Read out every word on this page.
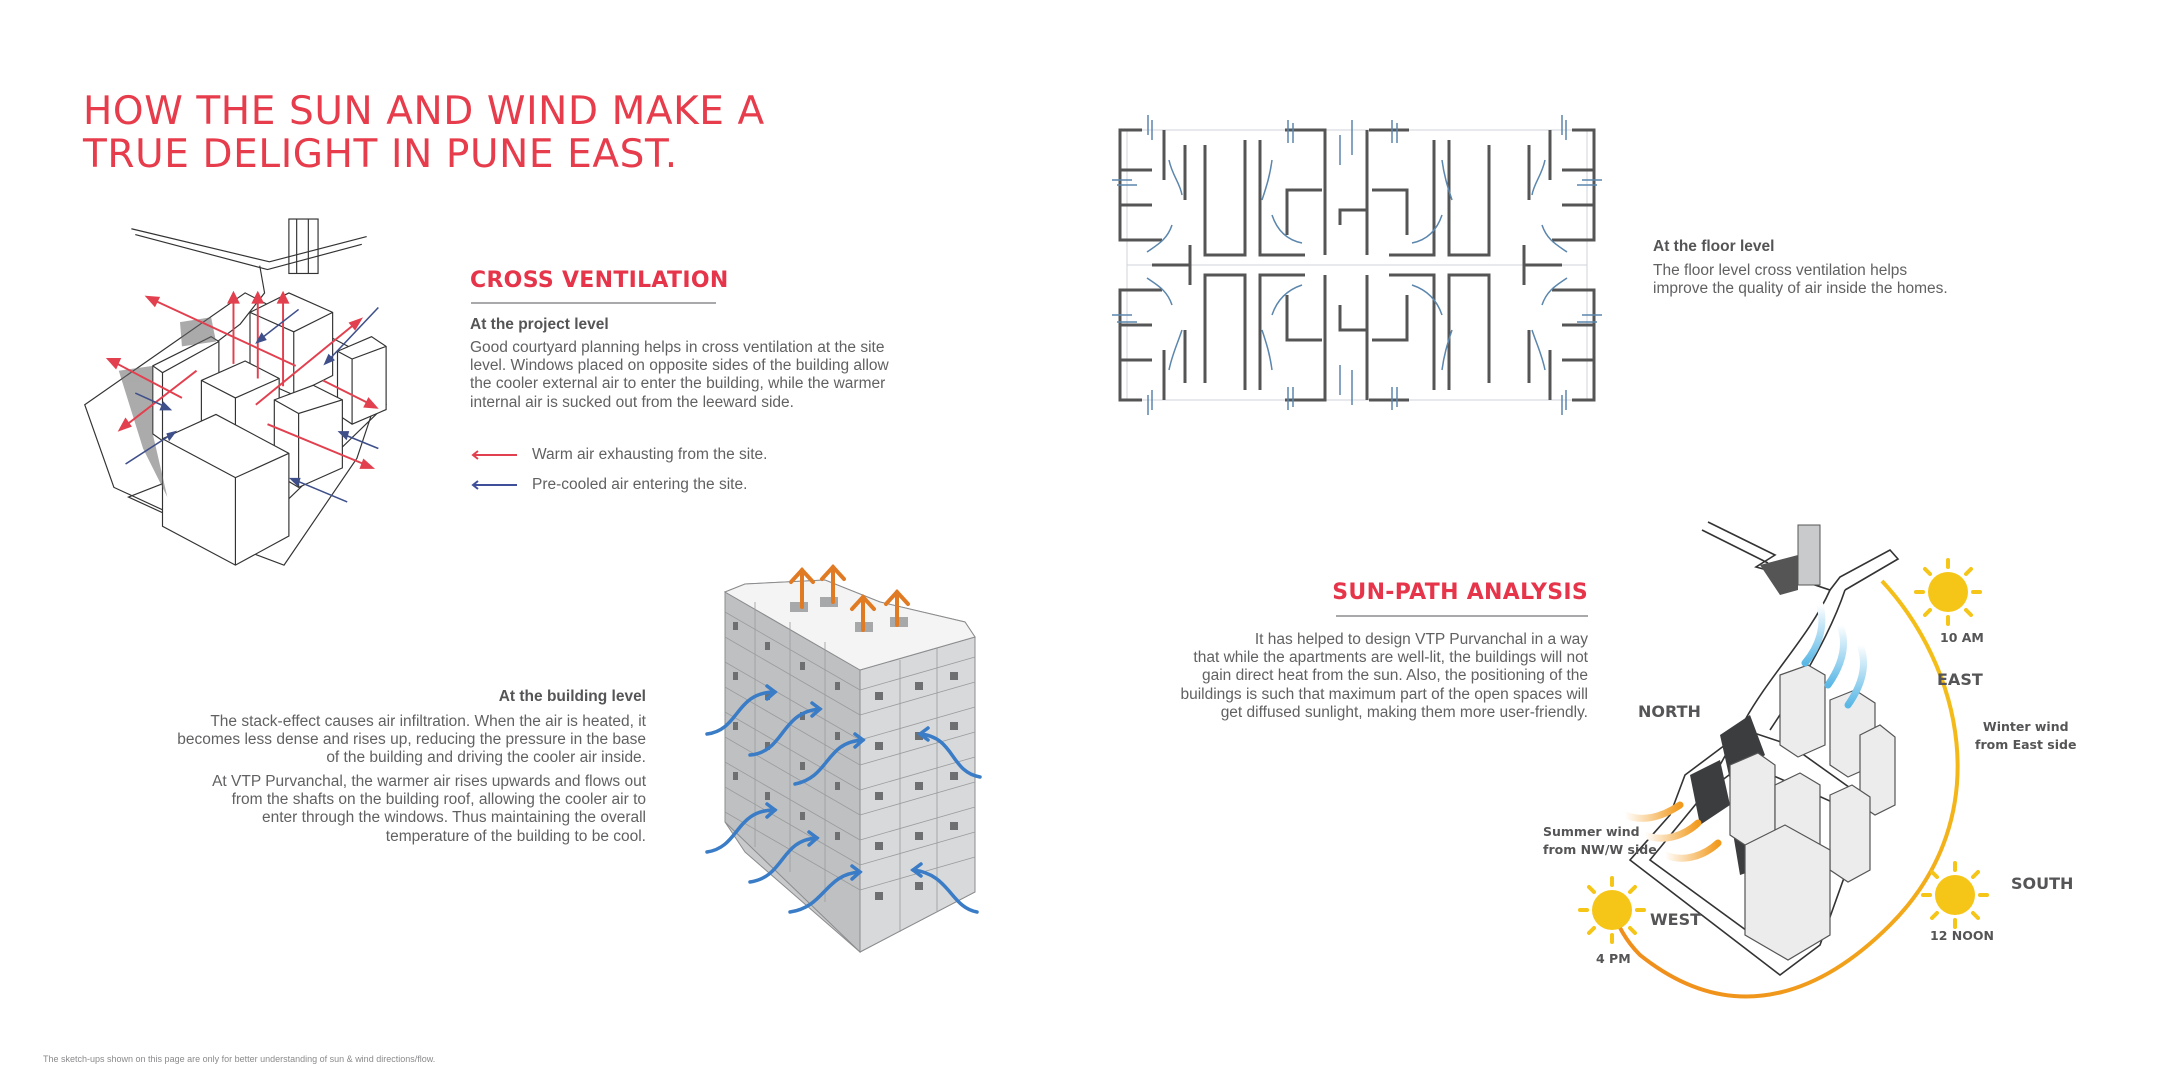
HOW THE SUN AND WIND MAKE A
TRUE DELIGHT IN PUNE EAST.
CROSS VENTILATION
At the project level
Good courtyard planning helps in cross ventilation at the site
level. Windows placed on opposite sides of the building allow
the cooler external air to enter the building, while the warmer
internal air is sucked out from the leeward side.
Warm air exhausting from the site.
Pre-cooled air entering the site.
At the floor level
The floor level cross ventilation helps
improve the quality of air inside the homes.
At the building level
The stack-effect causes air infiltration. When the air is heated, it
becomes less dense and rises up, reducing the pressure in the base
of the building and driving the cooler air inside.
At VTP Purvanchal, the warmer air rises upwards and flows out
from the shafts on the building roof, allowing the cooler air to
enter through the windows. Thus maintaining the overall
temperature of the building to be cool.
SUN-PATH ANALYSIS
It has helped to design VTP Purvanchal in a way
that while the apartments are well-lit, the buildings will not
gain direct heat from the sun. Also, the positioning of the
buildings is such that maximum part of the open spaces will
get diffused sunlight, making them more user-friendly.	NORTH
EAST
SOUTH
WEST
10 AM
12 NOON
4 PM
Winter wind
from East side
Summer wind
from NW/W side
The sketch-ups shown on this page are only for better understanding of sun & wind directions/flow.
